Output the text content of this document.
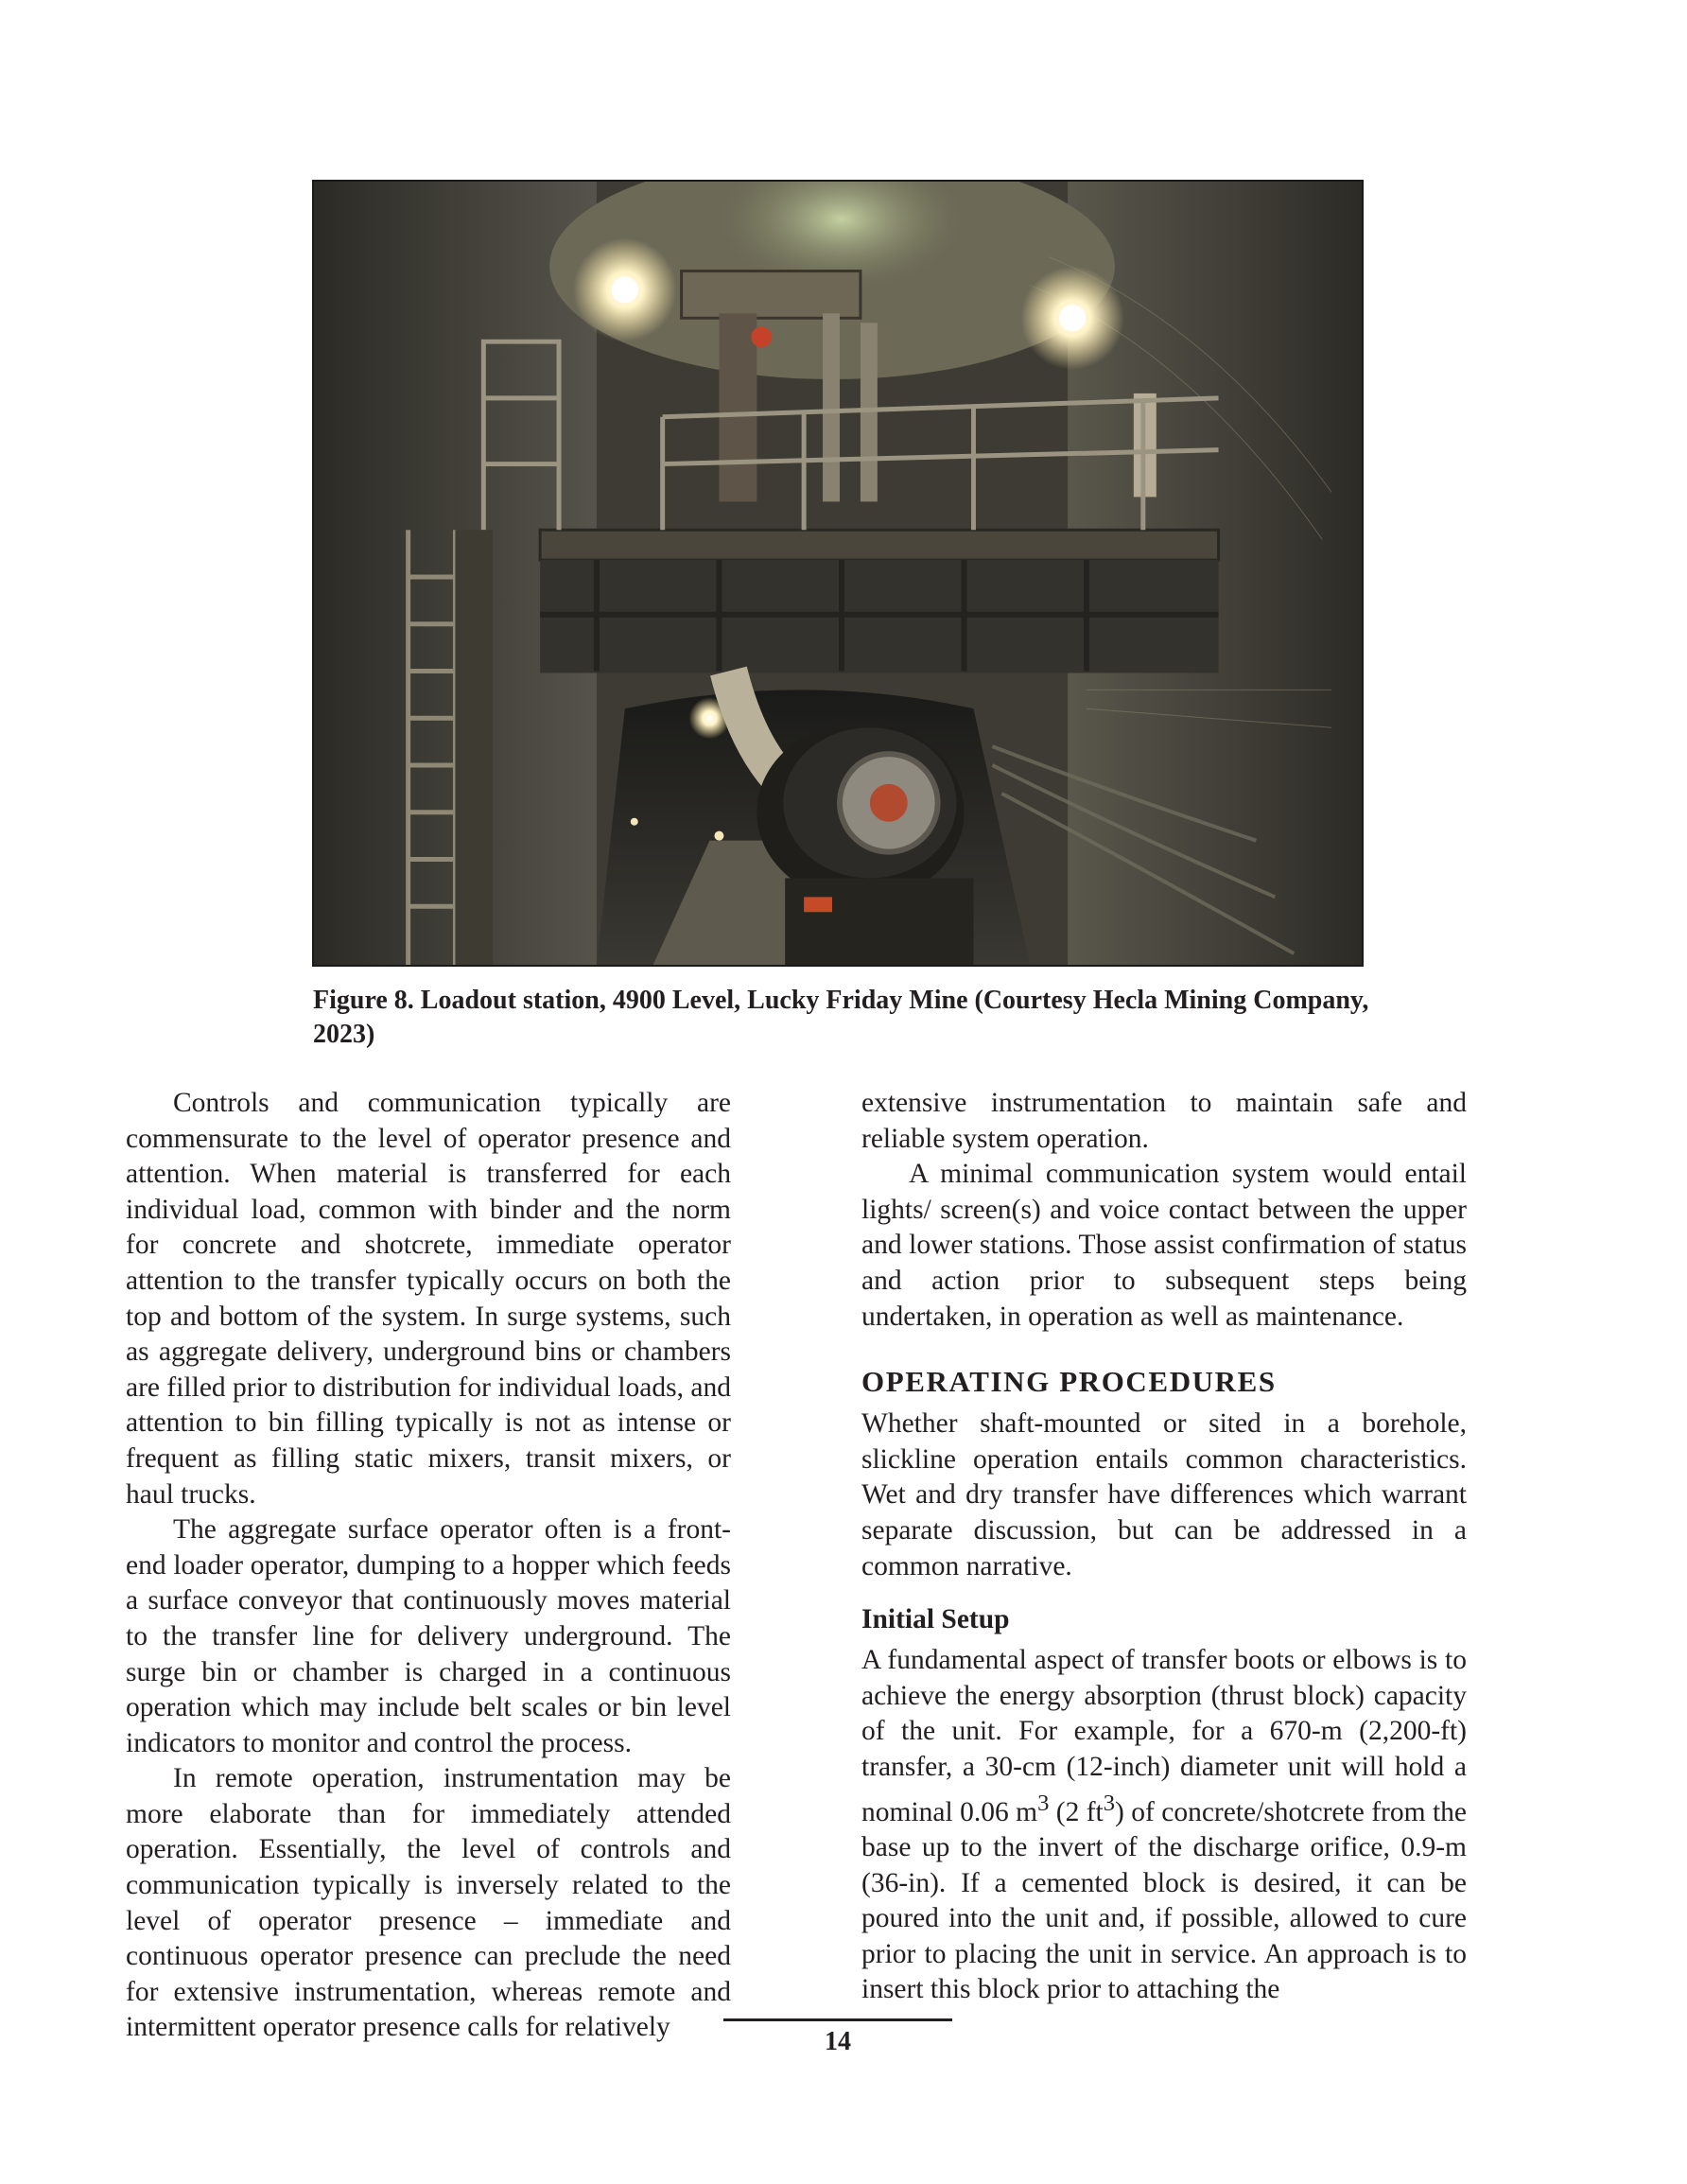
Figure 8. Loadout station, 4900 Level, Lucky Friday Mine (Courtesy Hecla Mining Company,
2023)

Controls and communication typically are commensurate to the level of operator presence and attention. When material is transferred for each individual load, common with binder and the norm for concrete and shotcrete, immediate operator attention to the transfer typically occurs on both the top and bottom of the system. In surge systems, such as aggregate delivery, underground bins or chambers are filled prior to distribution for individual loads, and attention to bin filling typically is not as intense or frequent as filling static mixers, transit mixers, or haul trucks.

The aggregate surface operator often is a front-end loader operator, dumping to a hopper which feeds a surface conveyor that continuously moves material to the transfer line for delivery underground. The surge bin or chamber is charged in a continuous operation which may include belt scales or bin level indicators to monitor and control the process.

In remote operation, instrumentation may be more elaborate than for immediately attended operation. Essentially, the level of controls and communication typically is inversely related to the level of operator presence – immediate and continuous operator presence can preclude the need for extensive instrumentation, whereas remote and intermittent operator presence calls for relatively

extensive instrumentation to maintain safe and reliable system operation.

A minimal communication system would entail lights/ screen(s) and voice contact between the upper and lower stations. Those assist confirmation of status and action prior to subsequent steps being undertaken, in operation as well as maintenance.

OPERATING PROCEDURES

Whether shaft-mounted or sited in a borehole, slickline operation entails common characteristics. Wet and dry transfer have differences which warrant separate discussion, but can be addressed in a common narrative.

Initial Setup

A fundamental aspect of transfer boots or elbows is to achieve the energy absorption (thrust block) capacity of the unit. For example, for a 670-m (2,200-ft) transfer, a 30-cm (12-inch) diameter unit will hold a nominal 0.06 $m^3$ (2 $ft^3$) of concrete/shotcrete from the base up to the invert of the discharge orifice, 0.9-m (36-in). If a cemented block is desired, it can be poured into the unit and, if possible, allowed to cure prior to placing the unit in service. An approach is to insert this block prior to attaching the

14
